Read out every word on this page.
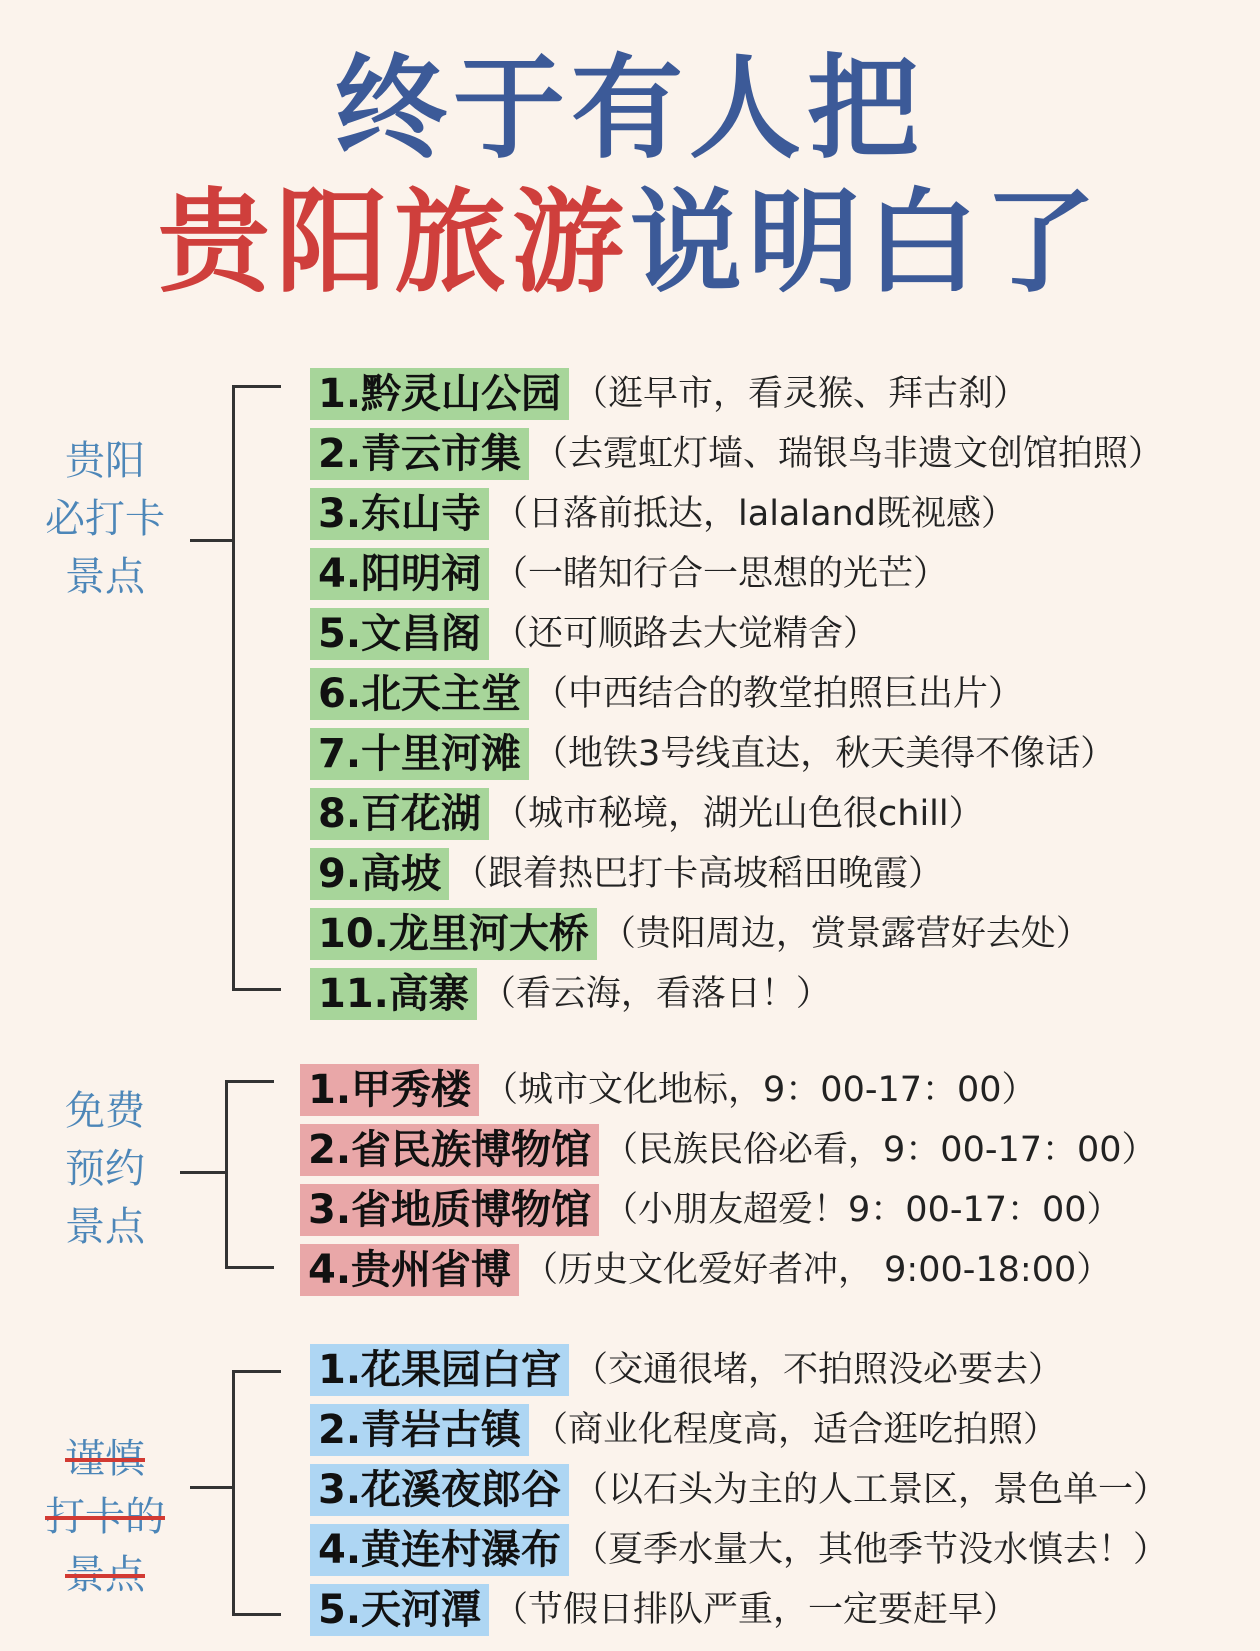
终于有人把
贵阳旅游说明白了
贵阳
必打卡
景点
1.黔灵山公园 （逛早市，看灵猴、拜古刹）
2.青云市集 （去霓虹灯墙、瑞银鸟非遗文创馆拍照）
3.东山寺 （日落前抵达，lalaland既视感）
4.阳明祠 （一睹知行合一思想的光芒）
5.文昌阁 （还可顺路去大觉精舍）
6.北天主堂 （中西结合的教堂拍照巨出片）
7.十里河滩 （地铁3号线直达，秋天美得不像话）
8.百花湖 （城市秘境，湖光山色很chill）
9.高坡 （跟着热巴打卡高坡稻田晚霞）
10.龙里河大桥 （贵阳周边，赏景露营好去处）
11.高寨 （看云海，看落日！）
免费
预约
景点
1.甲秀楼 （城市文化地标，9：00-17：00）
2.省民族博物馆 （民族民俗必看，9：00-17：00）
3.省地质博物馆 （小朋友超爱！9：00-17：00）
4.贵州省博 （历史文化爱好者冲， 9:00-18:00）
谨慎
打卡的
景点
1.花果园白宫 （交通很堵，不拍照没必要去）
2.青岩古镇 （商业化程度高，适合逛吃拍照）
3.花溪夜郎谷 （以石头为主的人工景区，景色单一）
4.黄连村瀑布 （夏季水量大，其他季节没水慎去！）
5.天河潭 （节假日排队严重，一定要赶早）
